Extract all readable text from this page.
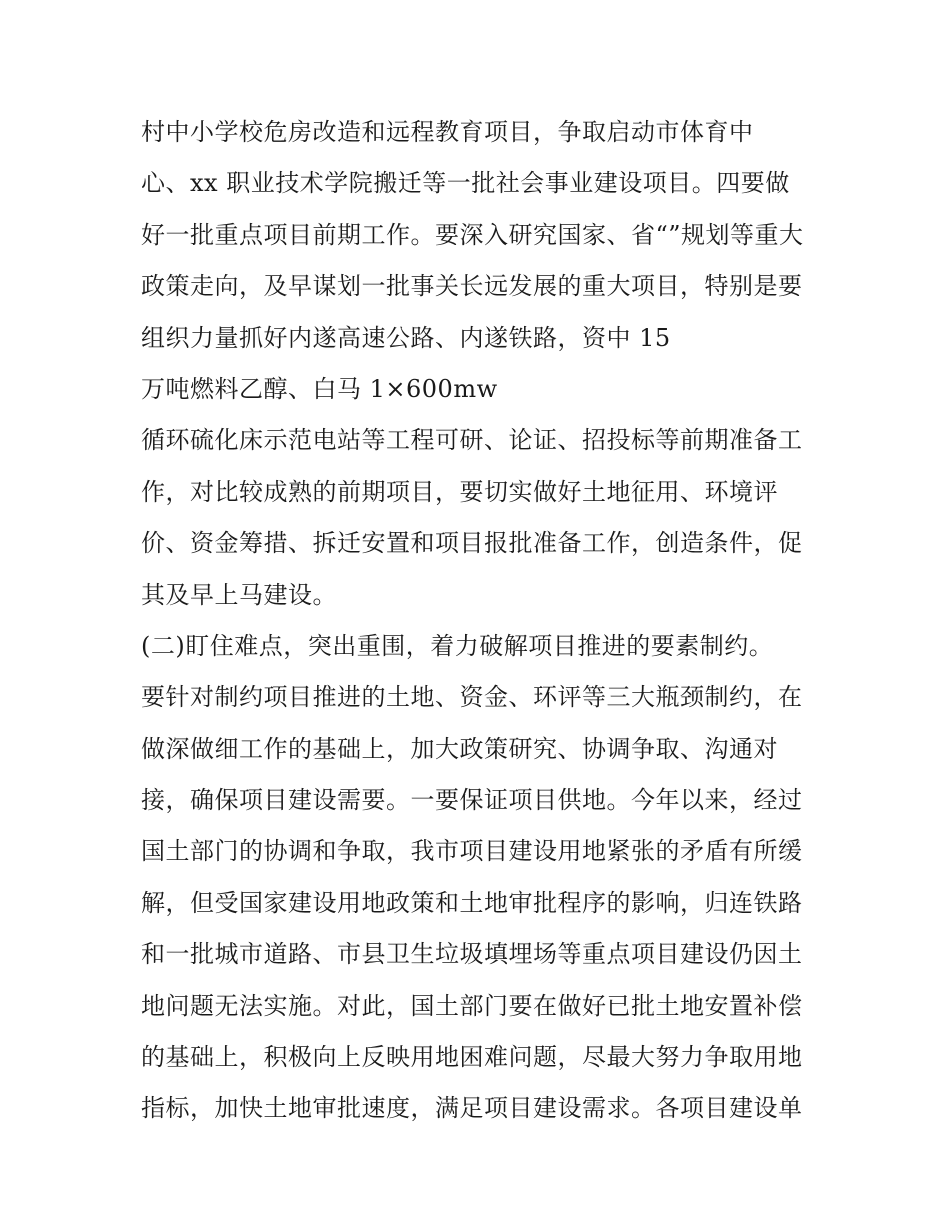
村中小学校危房改造和远程教育项目，争取启动市体育中
心、xx 职业技术学院搬迁等一批社会事业建设项目。四要做
好一批重点项目前期工作。要深入研究国家、省“”规划等重大
政策走向，及早谋划一批事关长远发展的重大项目，特别是要
组织力量抓好内遂高速公路、内遂铁路，资中 15
万吨燃料乙醇、白马 1×600mw
循环硫化床示范电站等工程可研、论证、招投标等前期准备工
作，对比较成熟的前期项目，要切实做好土地征用、环境评
价、资金筹措、拆迁安置和项目报批准备工作，创造条件，促
其及早上马建设。
(二)盯住难点，突出重围，着力破解项目推进的要素制约。
要针对制约项目推进的土地、资金、环评等三大瓶颈制约，在
做深做细工作的基础上，加大政策研究、协调争取、沟通对
接，确保项目建设需要。一要保证项目供地。今年以来，经过
国土部门的协调和争取，我市项目建设用地紧张的矛盾有所缓
解，但受国家建设用地政策和土地审批程序的影响，归连铁路
和一批城市道路、市县卫生垃圾填埋场等重点项目建设仍因土
地问题无法实施。对此，国土部门要在做好已批土地安置补偿
的基础上，积极向上反映用地困难问题，尽最大努力争取用地
指标，加快土地审批速度，满足项目建设需求。各项目建设单
